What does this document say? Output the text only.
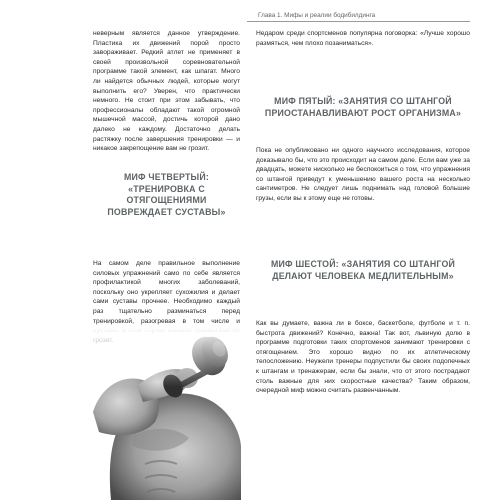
Глава 1. Мифы и реалии бодибилдинга

неверным является данное утверждение. Пластика их движений порой просто завораживает. Редкий атлет не применяет в своей произвольной соревновательной программе такой элемент, как шпагат. Много ли найдется обычных людей, которые могут выполнить его? Уверен, что практически немного. Не стоит при этом забывать, что профессионалы обладают такой огромной мышечной массой, достичь которой дано далеко не каждому. Достаточно делать растяжку после завершения тренировки — и никакое закрепощение вам не грозит.

МИФ ЧЕТВЕРТЫЙ: «ТРЕНИРОВКА С ОТЯГОЩЕНИЯМИ ПОВРЕЖДАЕТ СУСТАВЫ»

На самом деле правильное выполнение силовых упражнений само по себе является профилактикой многих заболеваний, поскольку оно укрепляет сухожилия и делает сами суставы прочнее. Необходимо каждый раз тщательно разминаться перед тренировкой, разогревая в том числе и

Недаром среди спортсменов популярна поговорка: «Лучше хорошо размяться, чем плохо позаниматься».

МИФ ПЯТЫЙ: «ЗАНЯТИЯ СО ШТАНГОЙ ПРИОСТАНАВЛИВАЮТ РОСТ ОРГАНИЗМА»

Пока не опубликовано ни одного научного исследования, которое доказывало бы, что это происходит на самом деле. Если вам уже за двадцать, можете нисколько не беспокоиться о том, что упражнения со штангой приведут к уменьшению вашего роста на несколько сантиметров. Не следует лишь поднимать над головой большие грузы, если вы к этому еще не готовы.

МИФ ШЕСТОЙ: «ЗАНЯТИЯ СО ШТАНГОЙ ДЕЛАЮТ ЧЕЛОВЕКА МЕДЛИТЕЛЬНЫМ»

Как вы думаете, важна ли в боксе, баскетболе, футболе и т. п. быстрота движений? Конечно, важна! Так вот, львиную долю в программе подготовки таких спортсменов занимают тренировки с отягощением. Это хорошо видно по их атлетическому телосложению. Неужели тренеры подпустили бы своих подопечных к штангам и тренажерам, если бы знали, что от этого пострадают столь важные для них скоростные качества? Таким образом, очередной миф можно считать развенчанным.
